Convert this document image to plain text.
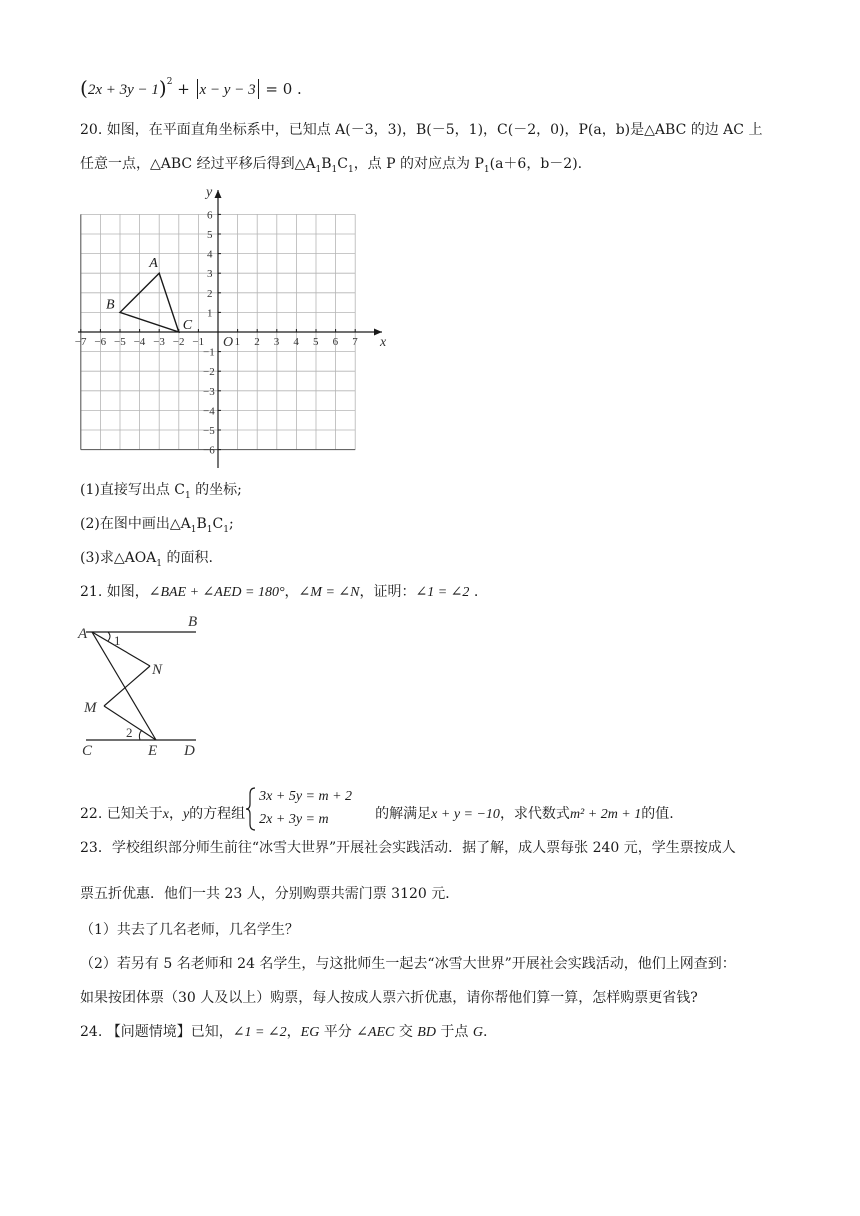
$(2x + 3y - 1)^2 + x - y - 3 = 0$ .
20. 如图，在平面直角坐标系中，已知点 A(－3，3)，B(－5，1)，C(－2，0)，P(a，b)是△ABC 的边 AC 上
任意一点，△ABC 经过平移后得到$\triangle A_1B_1C_1$，点 P 的对应点为 $P_1(a+6$，b－2).
−7 −6 −5 −4 −3 −2 −1	1 2 3 4 5 6 7
1
2
3
4
5
6
−1
−2
−3
−4
−5
−6
O	x
y
A
B
C
(1)直接写出点 $C_1$ 的坐标;
(2)在图中画出$\triangle A_1B_1C_1$;
(3)求$\triangle AOA_1$ 的面积.
21. 如图，∠BAE + ∠AED = 180°，∠M = ∠N，证明：∠1 = ∠2 .
A
B
N
M
C	E D
1
2
22. 已知关于x，y的方程组
3x + 5y = m + 2
2x + 3y = m	的解满足x + y = −10，求代数式m² + 2m + 1的值.
23．学校组织部分师生前往“冰雪大世界”开展社会实践活动．据了解，成人票每张 240 元，学生票按成人
票五折优惠．他们一共 23 人，分别购票共需门票 3120 元．
（1）共去了几名老师，几名学生？
（2）若另有 5 名老师和 24 名学生，与这批师生一起去“冰雪大世界”开展社会实践活动，他们上网查到：
如果按团体票（30 人及以上）购票，每人按成人票六折优惠，请你帮他们算一算，怎样购票更省钱?
24. 【问题情境】已知，∠1 = ∠2，EG 平分 ∠AEC 交 BD 于点 G.
